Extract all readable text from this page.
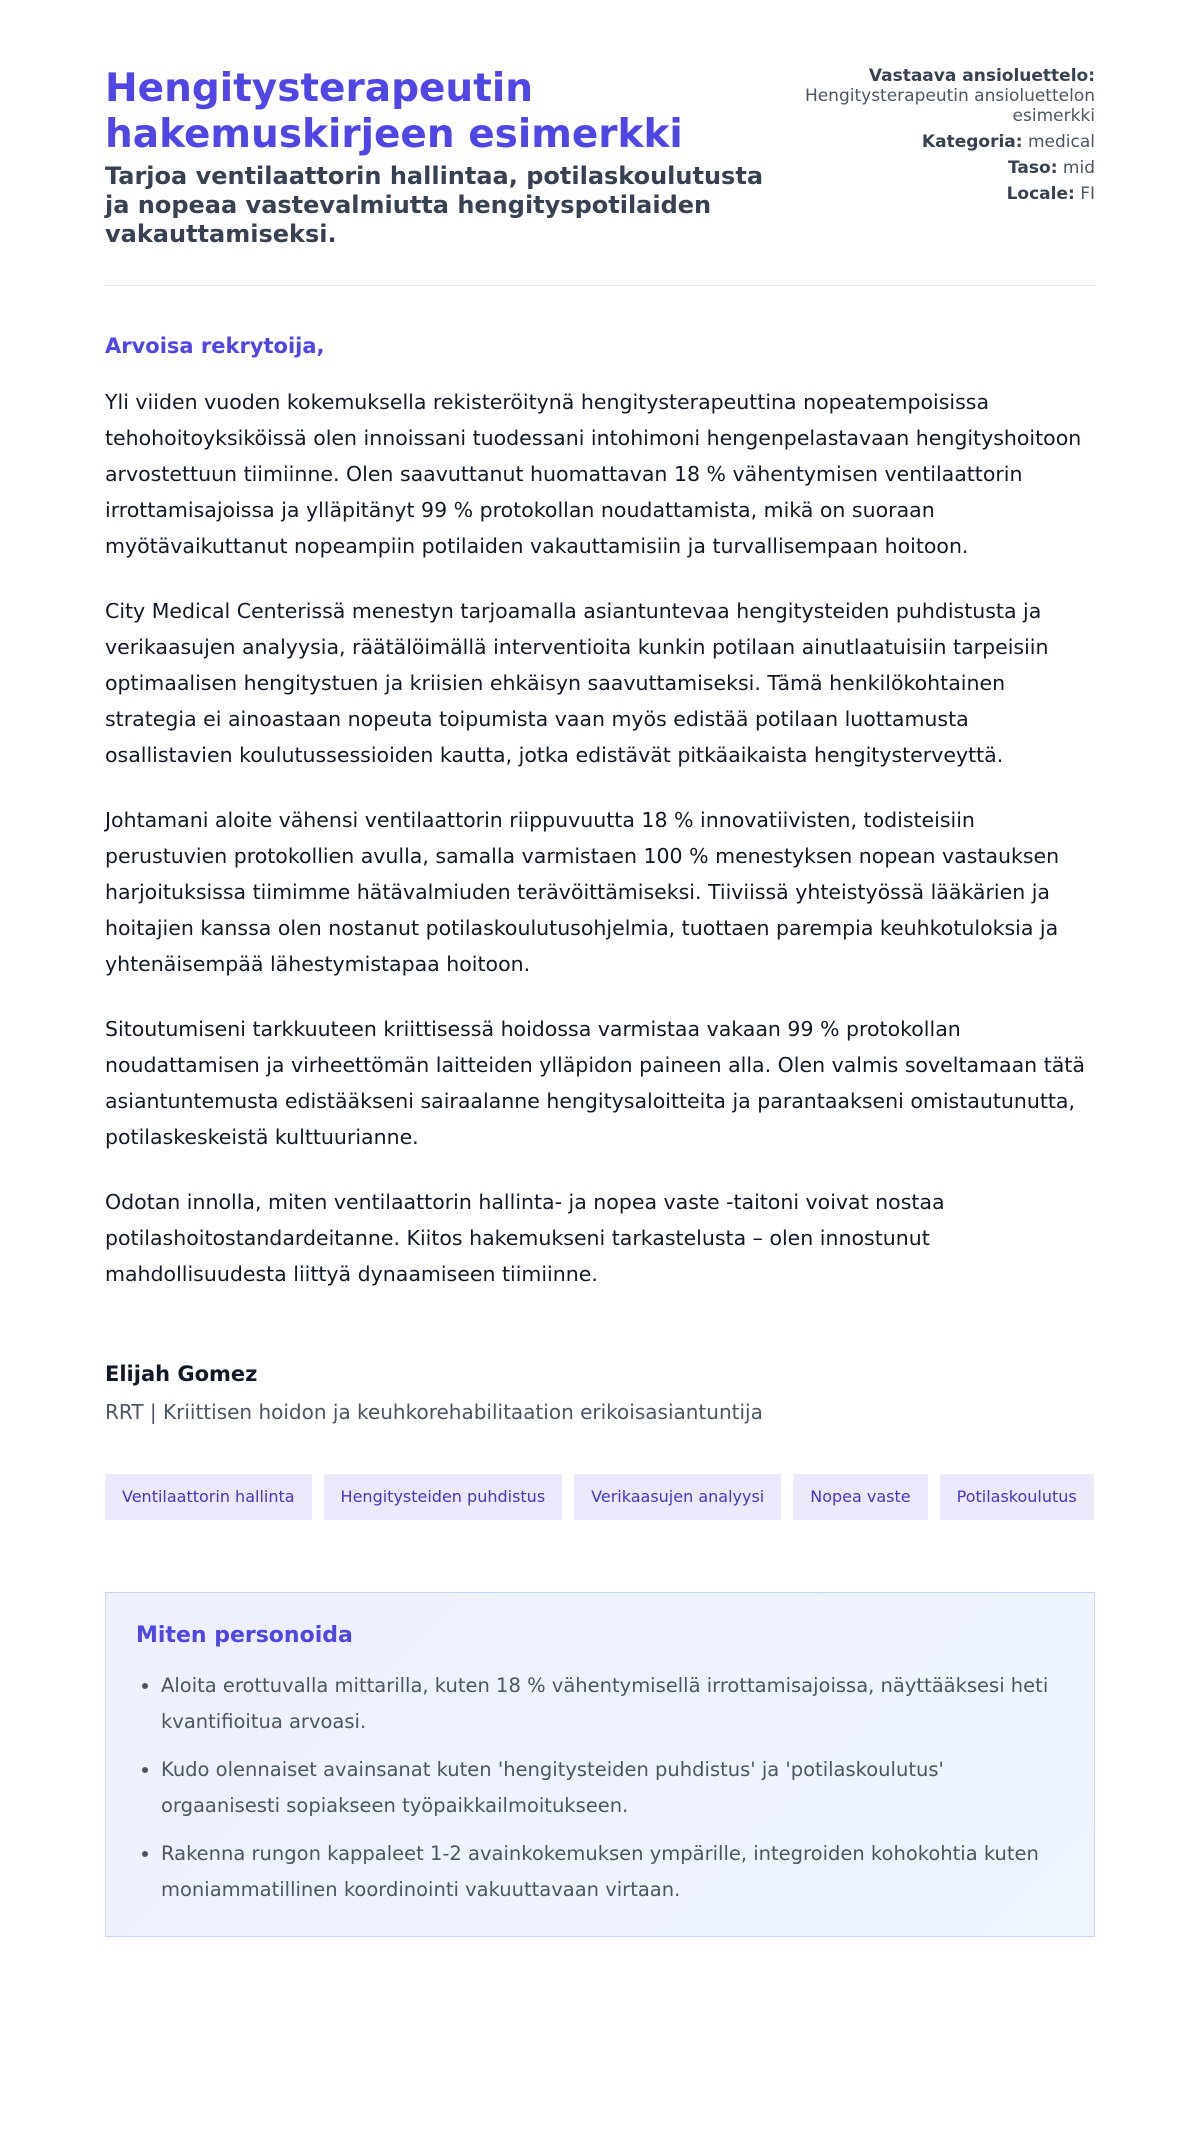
Hengitysterapeutin hakemuskirjeen esimerkki

Tarjoa ventilaattorin hallintaa, potilaskoulutusta ja nopeaa vastevalmiutta hengityspotilaiden vakauttamiseksi.

Vastaava ansioluettelo:
Hengitysterapeutin ansioluettelon esimerkki
Kategoria: medical
Taso: mid
Locale: FI

Arvoisa rekrytoija,

Yli viiden vuoden kokemuksella rekisteröitynä hengitysterapeuttina nopeatempoisissa tehohoitoyksiköissä olen innoissani tuodessani intohimoni hengenpelastavaan hengityshoitoon arvostettuun tiimiinne. Olen saavuttanut huomattavan 18 % vähentymisen ventilaattorin irrottamisajoissa ja ylläpitänyt 99 % protokollan noudattamista, mikä on suoraan myötävaikuttanut nopeampiin potilaiden vakauttamisiin ja turvallisempaan hoitoon.

City Medical Centerissä menestyn tarjoamalla asiantuntevaa hengitysteiden puhdistusta ja verikaasujen analyysia, räätälöimällä interventioita kunkin potilaan ainutlaatuisiin tarpeisiin optimaalisen hengitystuen ja kriisien ehkäisyn saavuttamiseksi. Tämä henkilökohtainen strategia ei ainoastaan nopeuta toipumista vaan myös edistää potilaan luottamusta osallistavien koulutussessioiden kautta, jotka edistävät pitkäaikaista hengitysterveyttä.

Johtamani aloite vähensi ventilaattorin riippuvuutta 18 % innovatiivisten, todisteisiin perustuvien protokollien avulla, samalla varmistaen 100 % menestyksen nopean vastauksen harjoituksissa tiimimme hätävalmiuden terävöittämiseksi. Tiiviissä yhteistyössä lääkärien ja hoitajien kanssa olen nostanut potilaskoulutusohjelmia, tuottaen parempia keuhkotuloksia ja yhtenäisempää lähestymistapaa hoitoon.

Sitoutumiseni tarkkuuteen kriittisessä hoidossa varmistaa vakaan 99 % protokollan noudattamisen ja virheettömän laitteiden ylläpidon paineen alla. Olen valmis soveltamaan tätä asiantuntemusta edistääkseni sairaalanne hengitysaloitteita ja parantaakseni omistautunutta, potilaskeskeistä kulttuurianne.

Odotan innolla, miten ventilaattorin hallinta- ja nopea vaste -taitoni voivat nostaa potilashoitostandardeitanne. Kiitos hakemukseni tarkastelusta – olen innostunut mahdollisuudesta liittyä dynaamiseen tiimiinne.

Elijah Gomez

RRT | Kriittisen hoidon ja keuhkorehabilitaation erikoisasiantuntija

Ventilaattorin hallinta	Hengitysteiden puhdistus	Verikaasujen analyysi	Nopea vaste	Potilaskoulutus
Miten personoida
• Aloita erottuvalla mittarilla, kuten 18 % vähentymisellä irrottamisajoissa, näyttääksesi heti kvantifioitua arvoasi.
• Kudo olennaiset avainsanat kuten 'hengitysteiden puhdistus' ja 'potilaskoulutus' orgaanisesti sopiakseen työpaikkailmoitukseen.
• Rakenna rungon kappaleet 1-2 avainkokemuksen ympärille, integroiden kohokohtia kuten moniammatillinen koordinointi vakuuttavaan virtaan.
